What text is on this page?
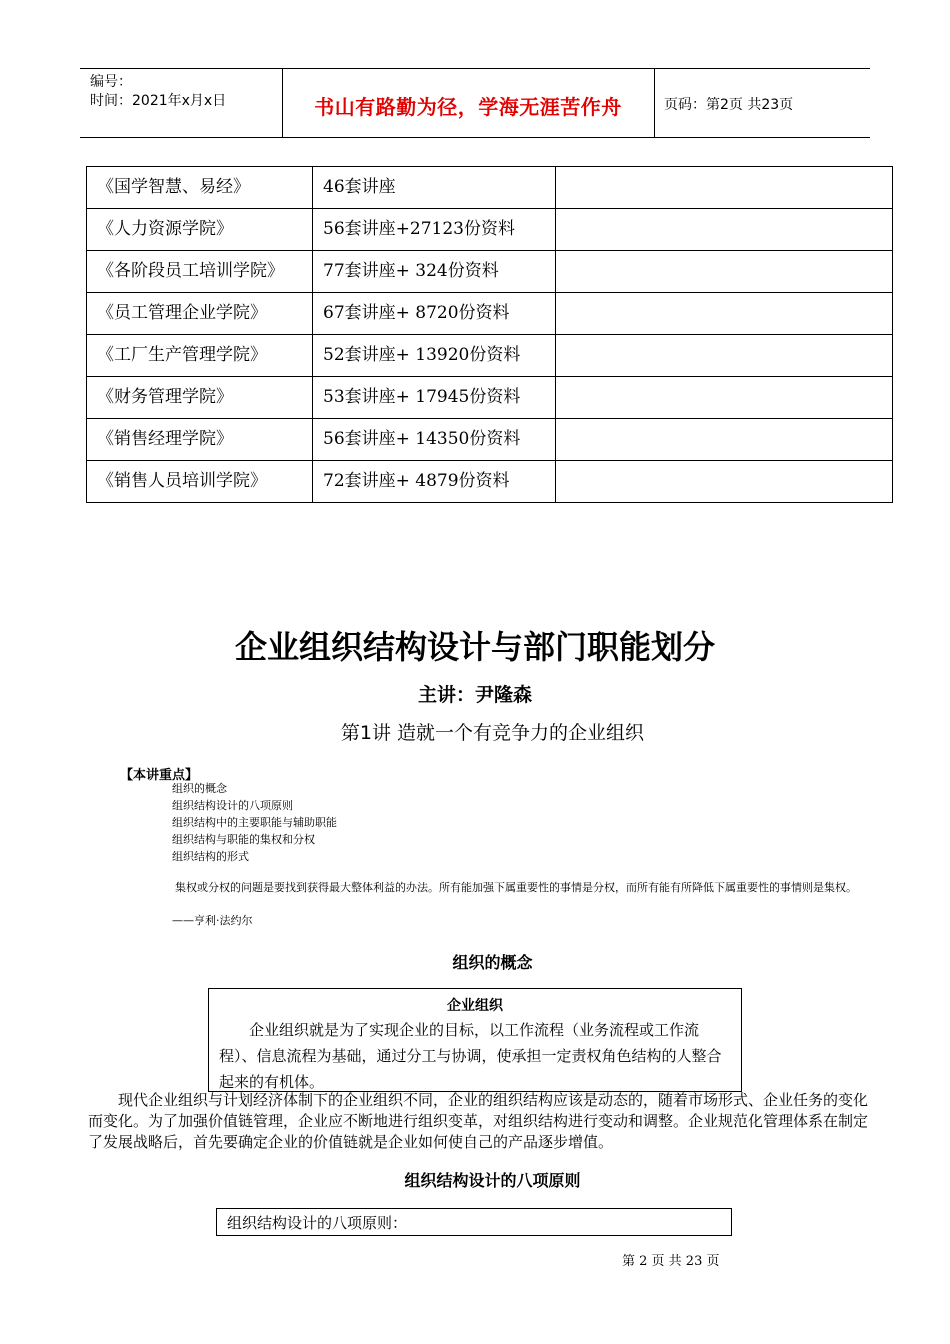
编号：
时间：2021年x月x日	书山有路勤为径，学海无涯苦作舟	页码：第2页 共23页
《国学智慧、易经》	46套讲座	
《人力资源学院》	56套讲座+27123份资料	
《各阶段员工培训学院》	77套讲座+ 324份资料	
《员工管理企业学院》	67套讲座+ 8720份资料	
《工厂生产管理学院》	52套讲座+ 13920份资料	
《财务管理学院》	53套讲座+ 17945份资料	
《销售经理学院》	56套讲座+ 14350份资料	
《销售人员培训学院》	72套讲座+ 4879份资料	
企业组织结构设计与部门职能划分
主讲：尹隆森
第1讲 造就一个有竞争力的企业组织
【本讲重点】
组织的概念
组织结构设计的八项原则
组织结构中的主要职能与辅助职能
组织结构与职能的集权和分权
组织结构的形式
集权或分权的问题是要找到获得最大整体利益的办法。所有能加强下属重要性的事情是分权，而所有能有所降低下属重要性的事情则是集权。
——亨利·法约尔
组织的概念
企业组织
企业组织就是为了实现企业的目标，以工作流程（业务流程或工作流程）、信息流程为基础，通过分工与协调，使承担一定责权角色结构的人整合起来的有机体。
现代企业组织与计划经济体制下的企业组织不同，企业的组织结构应该是动态的，随着市场形式、企业任务的变化而变化。为了加强价值链管理，企业应不断地进行组织变革，对组织结构进行变动和调整。企业规范化管理体系在制定了发展战略后，首先要确定企业的价值链就是企业如何使自己的产品逐步增值。
组织结构设计的八项原则
组织结构设计的八项原则：
第 2 页 共 23 页
